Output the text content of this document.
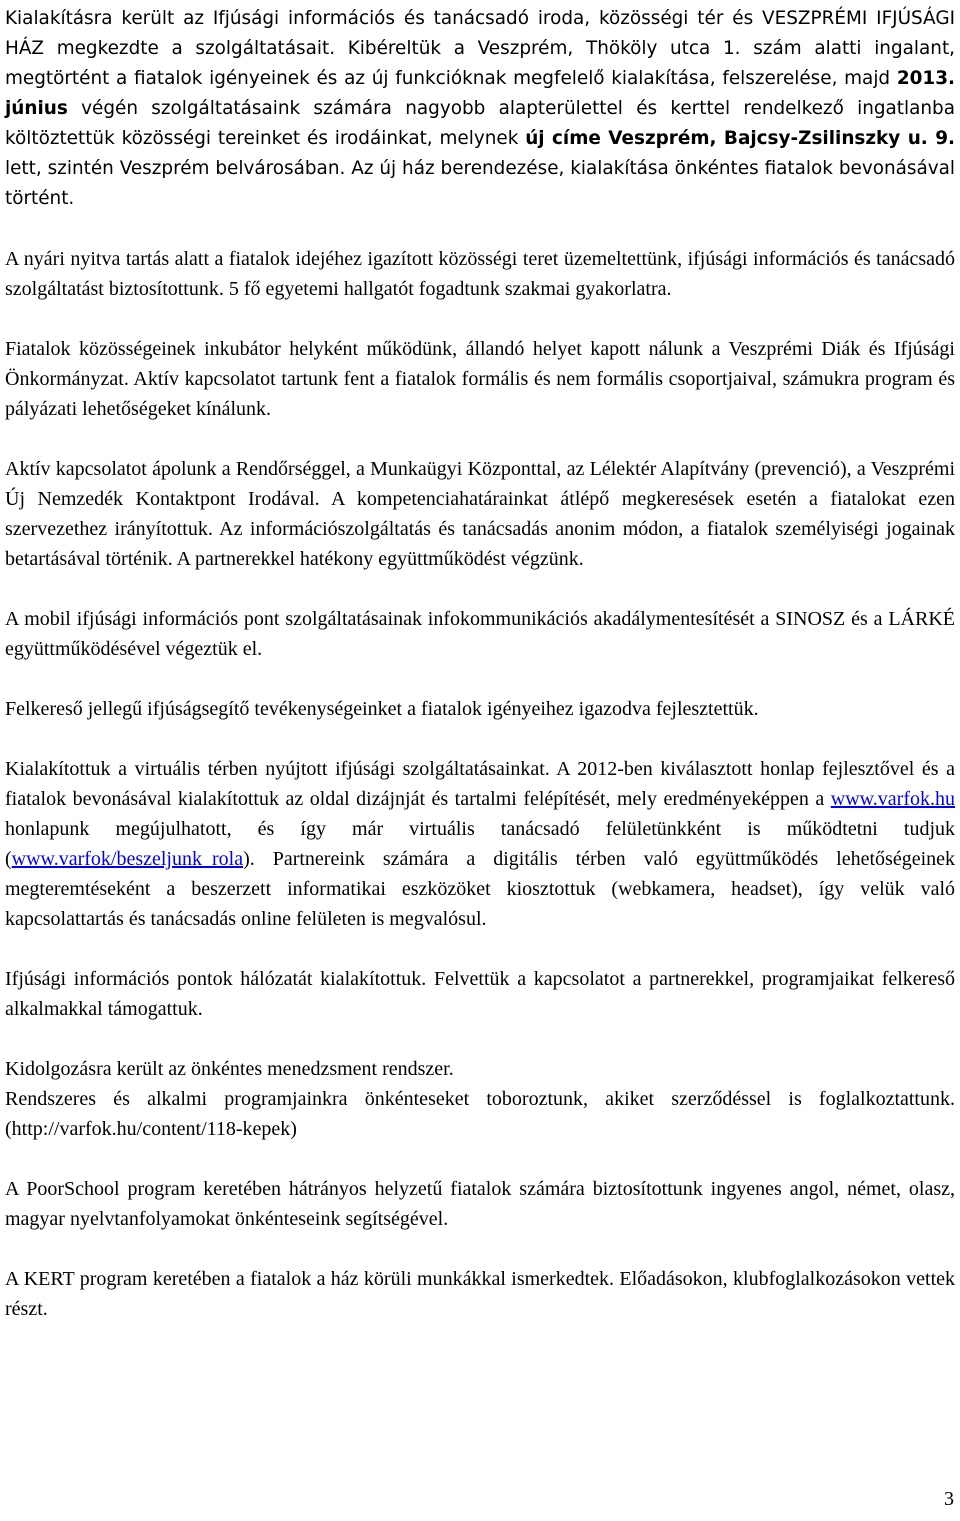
Kialakításra került az Ifjúsági információs és tanácsadó iroda, közösségi tér és VESZPRÉMI IFJÚSÁGI HÁZ megkezdte a szolgáltatásait. Kibéreltük a Veszprém, Thököly utca 1. szám alatti ingalant, megtörtént a fiatalok igényeinek és az új funkcióknak megfelelő kialakítása, felszerelése, majd 2013. június végén szolgáltatásaink számára nagyobb alapterülettel és kerttel rendelkező ingatlanba költöztettük közösségi tereinket és irodáinkat, melynek új címe Veszprém, Bajcsy-Zsilinszky u. 9. lett, szintén Veszprém belvárosában. Az új ház berendezése, kialakítása önkéntes fiatalok bevonásával történt.

A nyári nyitva tartás alatt a fiatalok idejéhez igazított közösségi teret üzemeltettünk, ifjúsági információs és tanácsadó szolgáltatást biztosítottunk. 5 fő egyetemi hallgatót fogadtunk szakmai gyakorlatra.

Fiatalok közösségeinek inkubátor helyként működünk, állandó helyet kapott nálunk a Veszprémi Diák és Ifjúsági Önkormányzat. Aktív kapcsolatot tartunk fent a fiatalok formális és nem formális csoportjaival, számukra program és pályázati lehetőségeket kínálunk.

Aktív kapcsolatot ápolunk a Rendőrséggel, a Munkaügyi Központtal, az Lélektér Alapítvány (prevenció), a Veszprémi Új Nemzedék Kontaktpont Irodával. A kompetenciahatárainkat átlépő megkeresések esetén a fiatalokat ezen szervezethez irányítottuk. Az információszolgáltatás és tanácsadás anonim módon, a fiatalok személyiségi jogainak betartásával történik. A partnerekkel hatékony együttműködést végzünk.

A mobil ifjúsági információs pont szolgáltatásainak infokommunikációs akadálymentesítését a SINOSZ és a LÁRKÉ együttműködésével végeztük el.

Felkereső jellegű ifjúságsegítő tevékenységeinket a fiatalok igényeihez igazodva fejlesztettük.

Kialakítottuk a virtuális térben nyújtott ifjúsági szolgáltatásainkat. A 2012-ben kiválasztott honlap fejlesztővel és a fiatalok bevonásával kialakítottuk az oldal dizájnját és tartalmi felépítését, mely eredményeképpen a www.varfok.hu honlapunk megújulhatott, és így már virtuális tanácsadó felületünkként is működtetni tudjuk (www.varfok/beszeljunk_rola). Partnereink számára a digitális térben való együttműködés lehetőségeinek megteremtéseként a beszerzett informatikai eszközöket kiosztottuk (webkamera, headset), így velük való kapcsolattartás és tanácsadás online felületen is megvalósul.

Ifjúsági információs pontok hálózatát kialakítottuk. Felvettük a kapcsolatot a partnerekkel, programjaikat felkereső alkalmakkal támogattuk.

Kidolgozásra került az önkéntes menedzsment rendszer.

Rendszeres és alkalmi programjainkra önkénteseket toboroztunk, akiket szerződéssel is foglalkoztattunk. (http://varfok.hu/content/118-kepek)

A PoorSchool program keretében hátrányos helyzetű fiatalok számára biztosítottunk ingyenes angol, német, olasz, magyar nyelvtanfolyamokat önkénteseink segítségével.

A KERT program keretében a fiatalok a ház körüli munkákkal ismerkedtek. Előadásokon, klubfoglalkozásokon vettek részt.

3
